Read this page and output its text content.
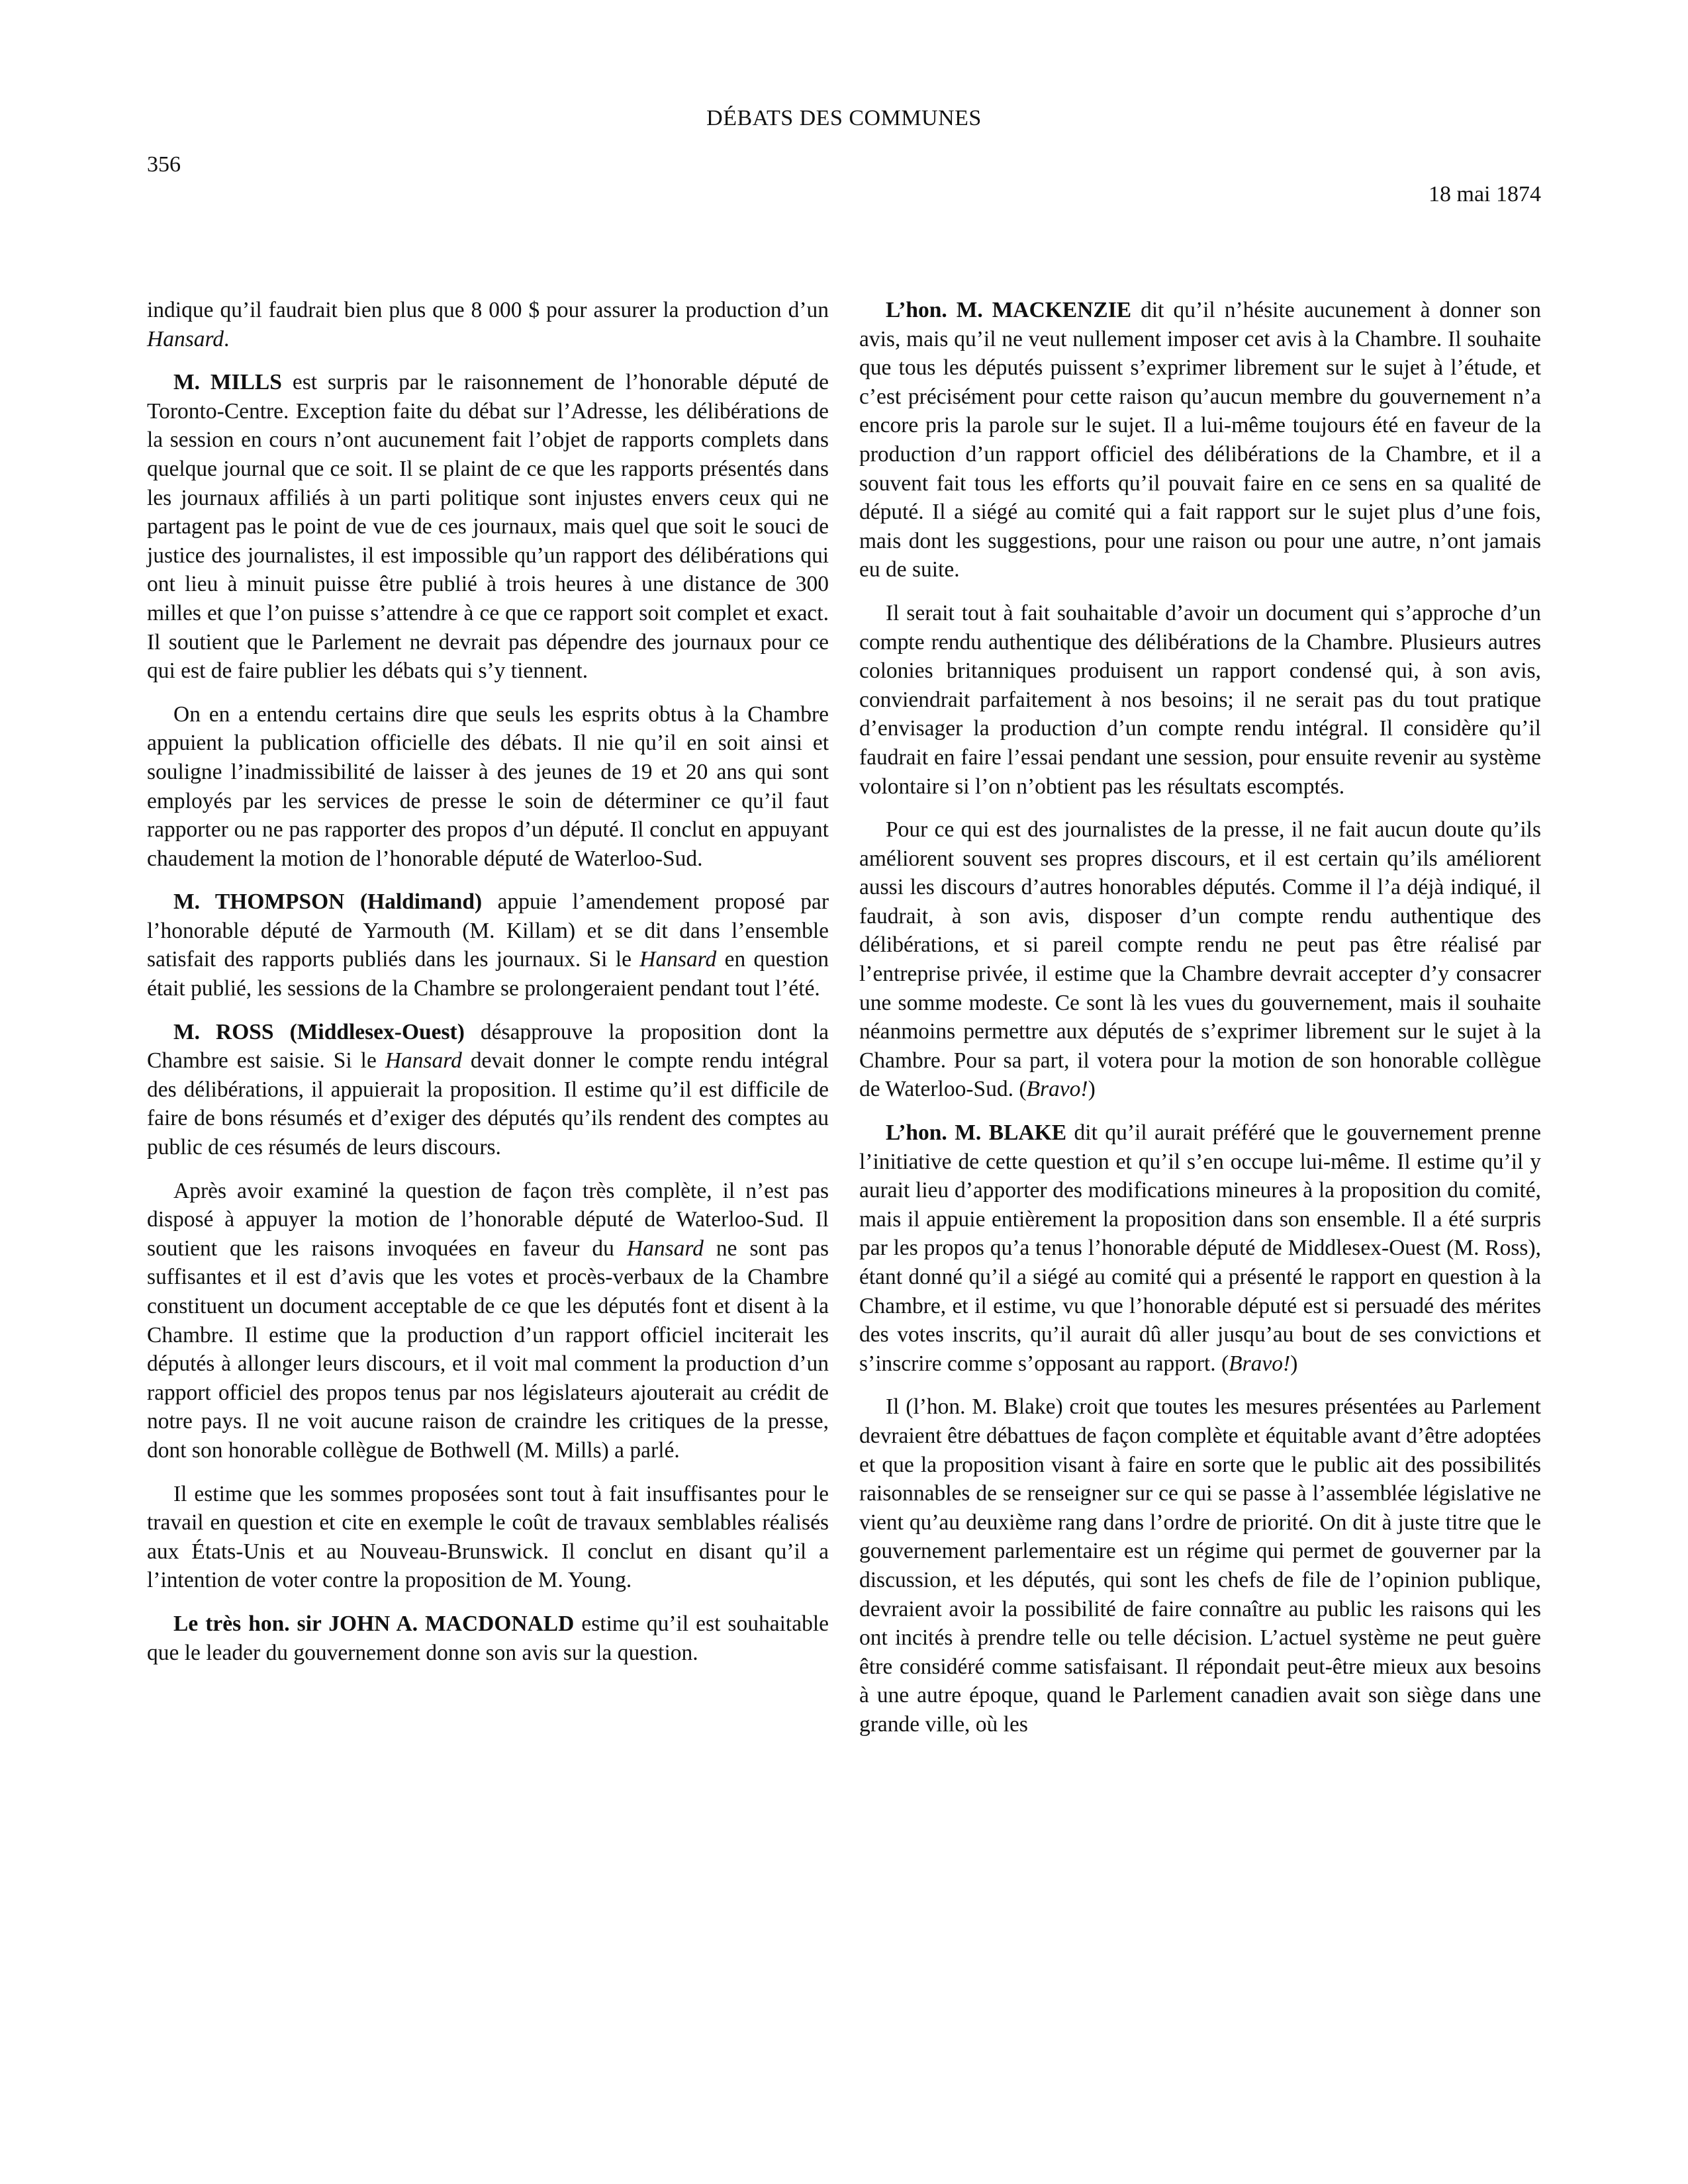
DÉBATS DES COMMUNES
356
18 mai 1874

indique qu’il faudrait bien plus que 8 000 $ pour assurer la production d’un Hansard.

M. MILLS est surpris par le raisonnement de l’honorable député de Toronto-Centre. Exception faite du débat sur l’Adresse, les délibérations de la session en cours n’ont aucunement fait l’objet de rapports complets dans quelque journal que ce soit. Il se plaint de ce que les rapports présentés dans les journaux affiliés à un parti politique sont injustes envers ceux qui ne partagent pas le point de vue de ces journaux, mais quel que soit le souci de justice des journalistes, il est impossible qu’un rapport des délibérations qui ont lieu à minuit puisse être publié à trois heures à une distance de 300 milles et que l’on puisse s’attendre à ce que ce rapport soit complet et exact. Il soutient que le Parlement ne devrait pas dépendre des journaux pour ce qui est de faire publier les débats qui s’y tiennent.

On en a entendu certains dire que seuls les esprits obtus à la Chambre appuient la publication officielle des débats. Il nie qu’il en soit ainsi et souligne l’inadmissibilité de laisser à des jeunes de 19 et 20 ans qui sont employés par les services de presse le soin de déterminer ce qu’il faut rapporter ou ne pas rapporter des propos d’un député. Il conclut en appuyant chaudement la motion de l’honorable député de Waterloo-Sud.

M. THOMPSON (Haldimand) appuie l’amendement proposé par l’honorable député de Yarmouth (M. Killam) et se dit dans l’ensemble satisfait des rapports publiés dans les journaux. Si le Hansard en question était publié, les sessions de la Chambre se prolongeraient pendant tout l’été.

M. ROSS (Middlesex-Ouest) désapprouve la proposition dont la Chambre est saisie. Si le Hansard devait donner le compte rendu intégral des délibérations, il appuierait la proposition. Il estime qu’il est difficile de faire de bons résumés et d’exiger des députés qu’ils rendent des comptes au public de ces résumés de leurs discours.

Après avoir examiné la question de façon très complète, il n’est pas disposé à appuyer la motion de l’honorable député de Waterloo-Sud. Il soutient que les raisons invoquées en faveur du Hansard ne sont pas suffisantes et il est d’avis que les votes et procès-verbaux de la Chambre constituent un document acceptable de ce que les députés font et disent à la Chambre. Il estime que la production d’un rapport officiel inciterait les députés à allonger leurs discours, et il voit mal comment la production d’un rapport officiel des propos tenus par nos législateurs ajouterait au crédit de notre pays. Il ne voit aucune raison de craindre les critiques de la presse, dont son honorable collègue de Bothwell (M. Mills) a parlé.

Il estime que les sommes proposées sont tout à fait insuffisantes pour le travail en question et cite en exemple le coût de travaux semblables réalisés aux États-Unis et au Nouveau-Brunswick. Il conclut en disant qu’il a l’intention de voter contre la proposition de M. Young.

Le très hon. sir JOHN A. MACDONALD estime qu’il est souhaitable que le leader du gouvernement donne son avis sur la question.

L’hon. M. MACKENZIE dit qu’il n’hésite aucunement à donner son avis, mais qu’il ne veut nullement imposer cet avis à la Chambre. Il souhaite que tous les députés puissent s’exprimer librement sur le sujet à l’étude, et c’est précisément pour cette raison qu’aucun membre du gouvernement n’a encore pris la parole sur le sujet. Il a lui-même toujours été en faveur de la production d’un rapport officiel des délibérations de la Chambre, et il a souvent fait tous les efforts qu’il pouvait faire en ce sens en sa qualité de député. Il a siégé au comité qui a fait rapport sur le sujet plus d’une fois, mais dont les suggestions, pour une raison ou pour une autre, n’ont jamais eu de suite.

Il serait tout à fait souhaitable d’avoir un document qui s’approche d’un compte rendu authentique des délibérations de la Chambre. Plusieurs autres colonies britanniques produisent un rapport condensé qui, à son avis, conviendrait parfaitement à nos besoins; il ne serait pas du tout pratique d’envisager la production d’un compte rendu intégral. Il considère qu’il faudrait en faire l’essai pendant une session, pour ensuite revenir au système volontaire si l’on n’obtient pas les résultats escomptés.

Pour ce qui est des journalistes de la presse, il ne fait aucun doute qu’ils améliorent souvent ses propres discours, et il est certain qu’ils améliorent aussi les discours d’autres honorables députés. Comme il l’a déjà indiqué, il faudrait, à son avis, disposer d’un compte rendu authentique des délibérations, et si pareil compte rendu ne peut pas être réalisé par l’entreprise privée, il estime que la Chambre devrait accepter d’y consacrer une somme modeste. Ce sont là les vues du gouvernement, mais il souhaite néanmoins permettre aux députés de s’exprimer librement sur le sujet à la Chambre. Pour sa part, il votera pour la motion de son honorable collègue de Waterloo-Sud. (Bravo!)

L’hon. M. BLAKE dit qu’il aurait préféré que le gouvernement prenne l’initiative de cette question et qu’il s’en occupe lui-même. Il estime qu’il y aurait lieu d’apporter des modifications mineures à la proposition du comité, mais il appuie entièrement la proposition dans son ensemble. Il a été surpris par les propos qu’a tenus l’honorable député de Middlesex-Ouest (M. Ross), étant donné qu’il a siégé au comité qui a présenté le rapport en question à la Chambre, et il estime, vu que l’honorable député est si persuadé des mérites des votes inscrits, qu’il aurait dû aller jusqu’au bout de ses convictions et s’inscrire comme s’opposant au rapport. (Bravo!)

Il (l’hon. M. Blake) croit que toutes les mesures présentées au Parlement devraient être débattues de façon complète et équitable avant d’être adoptées et que la proposition visant à faire en sorte que le public ait des possibilités raisonnables de se renseigner sur ce qui se passe à l’assemblée législative ne vient qu’au deuxième rang dans l’ordre de priorité. On dit à juste titre que le gouvernement parlementaire est un régime qui permet de gouverner par la discussion, et les députés, qui sont les chefs de file de l’opinion publique, devraient avoir la possibilité de faire connaître au public les raisons qui les ont incités à prendre telle ou telle décision. L’actuel système ne peut guère être considéré comme satisfaisant. Il répondait peut-être mieux aux besoins à une autre époque, quand le Parlement canadien avait son siège dans une grande ville, où les
